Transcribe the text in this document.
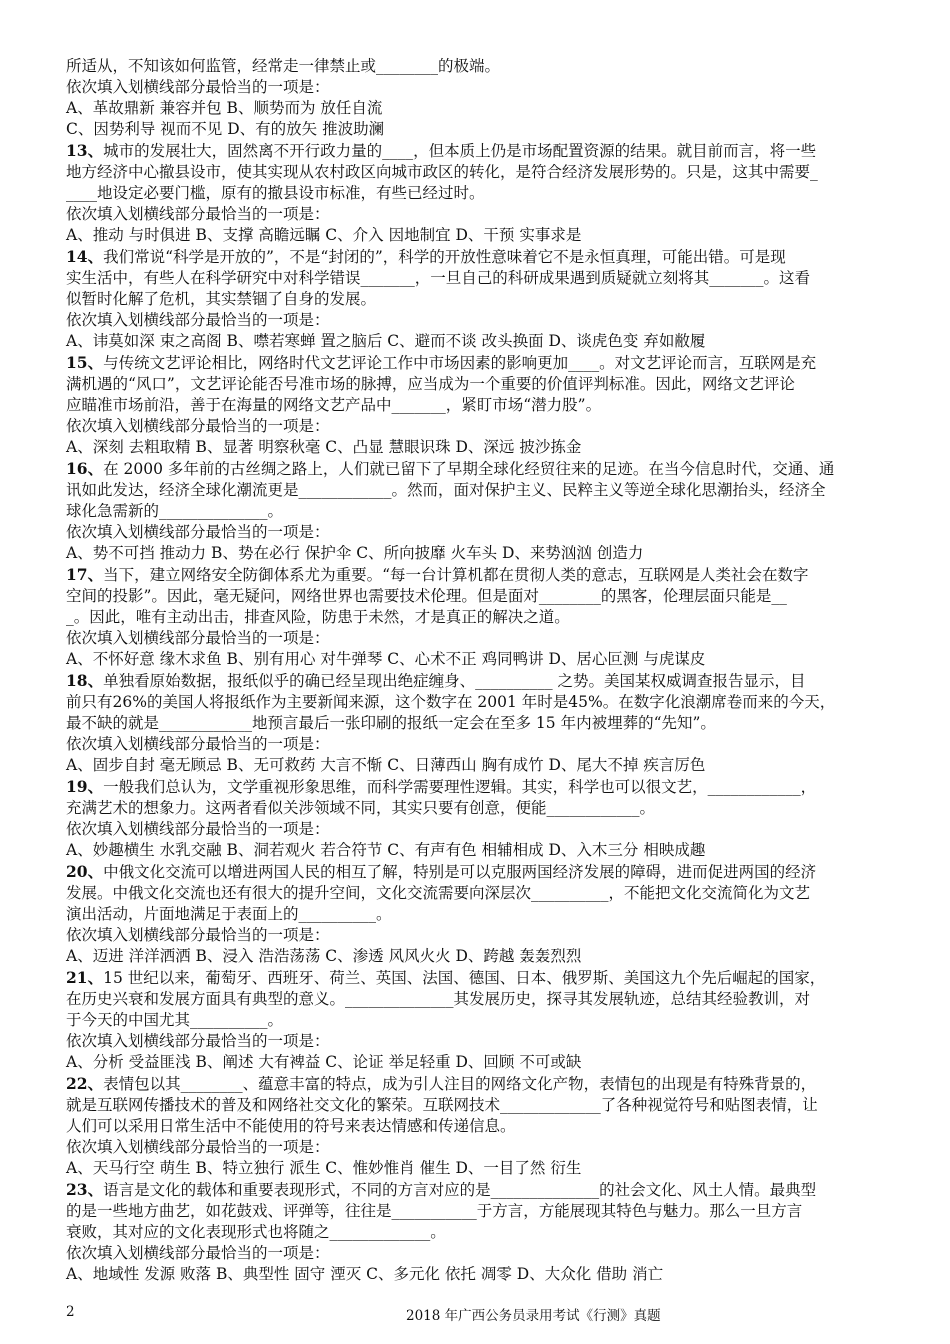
所适从，不知该如何监管，经常走一律禁止或________的极端。
依次填入划横线部分最恰当的一项是：
A、革故鼎新 兼容并包 B、顺势而为 放任自流
C、因势利导 视而不见 D、有的放矢 推波助澜
13、城市的发展壮大，固然离不开行政力量的____，但本质上仍是市场配置资源的结果。就目前而言，将一些
地方经济中心撤县设市，使其实现从农村政区向城市政区的转化，是符合经济发展形势的。只是，这其中需要_
____地设定必要门槛，原有的撤县设市标准，有些已经过时。
依次填入划横线部分最恰当的一项是：
A、推动 与时俱进 B、支撑 高瞻远瞩 C、介入 因地制宜 D、干预 实事求是
14、我们常说“科学是开放的”，不是“封闭的”，科学的开放性意味着它不是永恒真理，可能出错。可是现
实生活中，有些人在科学研究中对科学错误_______，一旦自己的科研成果遇到质疑就立刻将其_______。这看
似暂时化解了危机，其实禁锢了自身的发展。
依次填入划横线部分最恰当的一项是：
A、讳莫如深 束之高阁 B、噤若寒蝉 置之脑后 C、避而不谈 改头换面 D、谈虎色变 弃如敝履
15、与传统文艺评论相比，网络时代文艺评论工作中市场因素的影响更加____。对文艺评论而言，互联网是充
满机遇的“风口”，文艺评论能否号准市场的脉搏，应当成为一个重要的价值评判标准。因此，网络文艺评论
应瞄准市场前沿，善于在海量的网络文艺产品中_______，紧盯市场“潜力股”。
依次填入划横线部分最恰当的一项是：
A、深刻 去粗取精 B、显著 明察秋毫 C、凸显 慧眼识珠 D、深远 披沙拣金
16、在 2000 多年前的古丝绸之路上，人们就已留下了早期全球化经贸往来的足迹。在当今信息时代，交通、通
讯如此发达，经济全球化潮流更是____________。然而，面对保护主义、民粹主义等逆全球化思潮抬头，经济全
球化急需新的______________。
依次填入划横线部分最恰当的一项是：
A、势不可挡 推动力 B、势在必行 保护伞 C、所向披靡 火车头 D、来势汹汹 创造力
17、当下，建立网络安全防御体系尤为重要。“每一台计算机都在贯彻人类的意志，互联网是人类社会在数字
空间的投影”。因此，毫无疑问，网络世界也需要技术伦理。但是面对________的黑客，伦理层面只能是__
_。因此，唯有主动出击，排查风险，防患于未然，才是真正的解决之道。
依次填入划横线部分最恰当的一项是：
A、不怀好意 缘木求鱼 B、别有用心 对牛弹琴 C、心术不正 鸡同鸭讲 D、居心叵测 与虎谋皮
18、单独看原始数据，报纸似乎的确已经呈现出绝症缠身、__________ 之势。美国某权威调查报告显示，目
前只有26%的美国人将报纸作为主要新闻来源，这个数字在 2001 年时是45%。在数字化浪潮席卷而来的今天，
最不缺的就是____________地预言最后一张印刷的报纸一定会在至多 15 年内被埋葬的“先知”。
依次填入划横线部分最恰当的一项是：
A、固步自封 毫无顾忌 B、无可救药 大言不惭 C、日薄西山 胸有成竹 D、尾大不掉 疾言厉色
19、一般我们总认为，文学重视形象思维，而科学需要理性逻辑。其实，科学也可以很文艺，____________，
充满艺术的想象力。这两者看似关涉领域不同，其实只要有创意，便能____________。
依次填入划横线部分最恰当的一项是：
A、妙趣横生 水乳交融 B、洞若观火 若合符节 C、有声有色 相辅相成 D、入木三分 相映成趣
20、中俄文化交流可以增进两国人民的相互了解，特别是可以克服两国经济发展的障碍，进而促进两国的经济
发展。中俄文化交流也还有很大的提升空间，文化交流需要向深层次__________，不能把文化交流简化为文艺
演出活动，片面地满足于表面上的__________。
依次填入划横线部分最恰当的一项是：
A、迈进 洋洋洒洒 B、浸入 浩浩荡荡 C、渗透 风风火火 D、跨越 轰轰烈烈
21、15 世纪以来，葡萄牙、西班牙、荷兰、英国、法国、德国、日本、俄罗斯、美国这九个先后崛起的国家，
在历史兴衰和发展方面具有典型的意义。______________其发展历史，探寻其发展轨迹，总结其经验教训，对
于今天的中国尤其__________。
依次填入划横线部分最恰当的一项是：
A、分析 受益匪浅 B、阐述 大有裨益 C、论证 举足轻重 D、回顾 不可或缺
22、表情包以其________、蕴意丰富的特点，成为引人注目的网络文化产物，表情包的出现是有特殊背景的，
就是互联网传播技术的普及和网络社交文化的繁荣。互联网技术_____________了各种视觉符号和贴图表情，让
人们可以采用日常生活中不能使用的符号来表达情感和传递信息。
依次填入划横线部分最恰当的一项是：
A、天马行空 萌生 B、特立独行 派生 C、惟妙惟肖 催生 D、一目了然 衍生
23、语言是文化的载体和重要表现形式，不同的方言对应的是______________的社会文化、风土人情。最典型
的是一些地方曲艺，如花鼓戏、评弹等，往往是___________于方言，方能展现其特色与魅力。那么一旦方言
衰败，其对应的文化表现形式也将随之_____________。
依次填入划横线部分最恰当的一项是：
A、地域性 发源 败落 B、典型性 固守 湮灭 C、多元化 依托 凋零 D、大众化 借助 消亡
2	2018 年广西公务员录用考试《行测》真题
